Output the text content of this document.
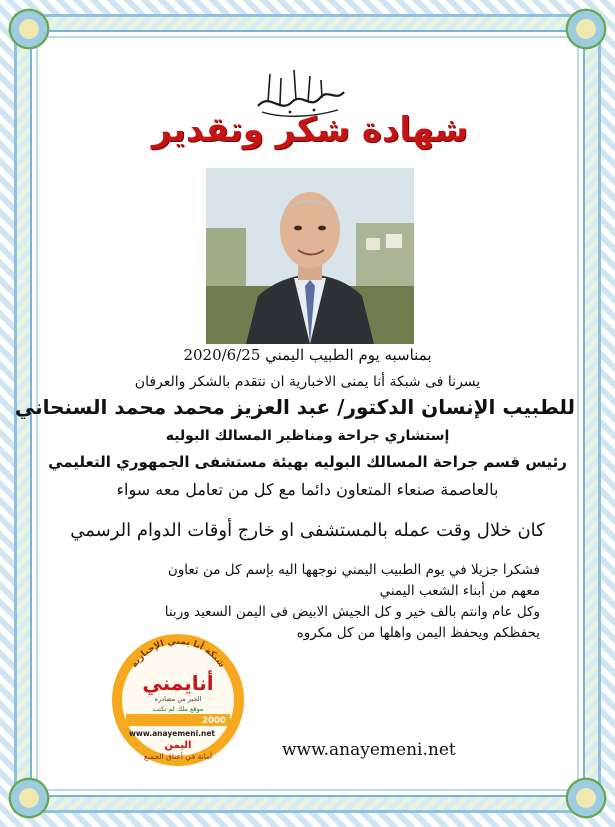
شهادة شكر وتقدير
بمناسبه يوم الطبيب اليمني 2020/6/25
يسرنا فى شبكة أنا يمنى الاخبارية ان نتقدم بالشكر والعرفان
للطبيب الإنسان الدكتور/ عبد العزيز محمد محمد السنحاني
إستشاري جراحة ومناظير المسالك البوليه
رئيس قسم جراحة المسالك البوليه بهيئة مستشفى الجمهوري التعليمي
بالعاصمة صنعاء المتعاون دائما مع كل من تعامل معه سواء
كان خلال وقت عمله بالمستشفى او خارج أوقات الدوام الرسمي

فشكرا جزيلا في يوم الطبيب اليمني نوجهها اليه بإسم كل من تعاون

معهم من أبناء الشعب اليمني

وكل عام وانتم بالف خير و كل الجيش الابيض فى اليمن السعيد وربنا

يحفظكم ويحفظ اليمن واهلها من كل مكروه

شبكة أنا يمني الإخبارية
أنايمني
الخير من مصادره
موقع ملك لم تكتب
2000
www.anayemeni.net
اليمن
أمانة في أعناق الجميع	www.anayemeni.net
